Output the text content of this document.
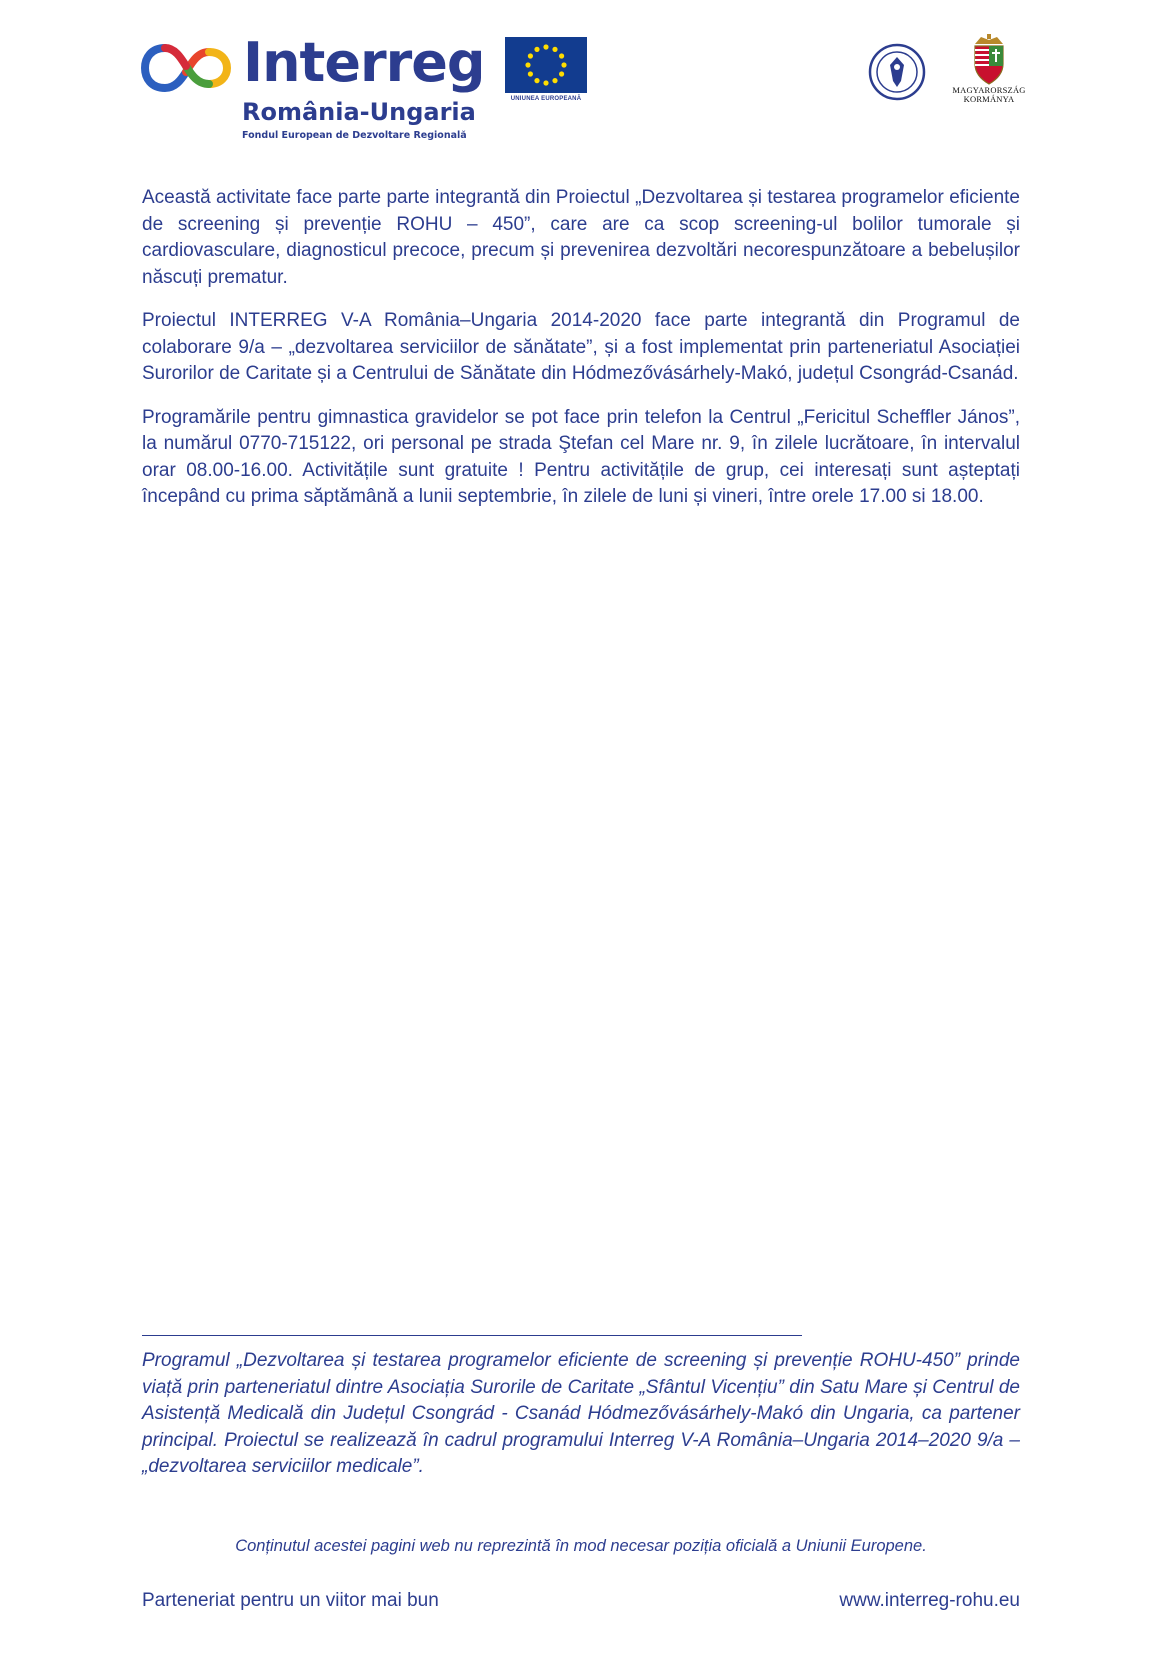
Interreg
România-Ungaria
Fondul European de Dezvoltare Regională
UNIUNEA EUROPEANĂ
MAGYARORSZÁG
KORMÁNYA

Această activitate face parte parte integrantă din Proiectul „Dezvoltarea și testarea programelor eficiente de screening și prevenție ROHU – 450”, care are ca scop screening-ul bolilor tumorale și cardiovasculare, diagnosticul precoce, precum și prevenirea dezvoltări necorespunzătoare a bebelușilor născuți prematur.

Proiectul INTERREG V-A România–Ungaria 2014-2020 face parte integrantă din Programul de colaborare 9/a – „dezvoltarea serviciilor de sănătate”, și a fost implementat prin parteneriatul Asociației Surorilor de Caritate și a Centrului de Sănătate din Hódmezővásárhely-Makó, județul Csongrád-Csanád.

Programările pentru gimnastica gravidelor se pot face prin telefon la Centrul „Fericitul Scheffler János”, la numărul 0770-715122, ori personal pe strada Ştefan cel Mare nr. 9, în zilele lucrătoare, în intervalul orar 08.00-16.00. Activitățile sunt gratuite ! Pentru activitățile de grup, cei interesați sunt așteptați începând cu prima săptămână a lunii septembrie, în zilele de luni și vineri, între orele 17.00 si 18.00.

Programul „Dezvoltarea și testarea programelor eficiente de screening și prevenție ROHU-450” prinde viață prin parteneriatul dintre Asociația Surorile de Caritate „Sfântul Vicențiu” din Satu Mare și Centrul de Asistență Medicală din Județul Csongrád - Csanád Hódmezővásárhely-Makó din Ungaria, ca partener principal. Proiectul se realizează în cadrul programului Interreg V-A România–Ungaria 2014–2020 9/a – „dezvoltarea serviciilor medicale”.

Conținutul acestei pagini web nu reprezintă în mod necesar poziția oficială a Uniunii Europene.

Parteneriat pentru un viitor mai bun	www.interreg-rohu.eu
